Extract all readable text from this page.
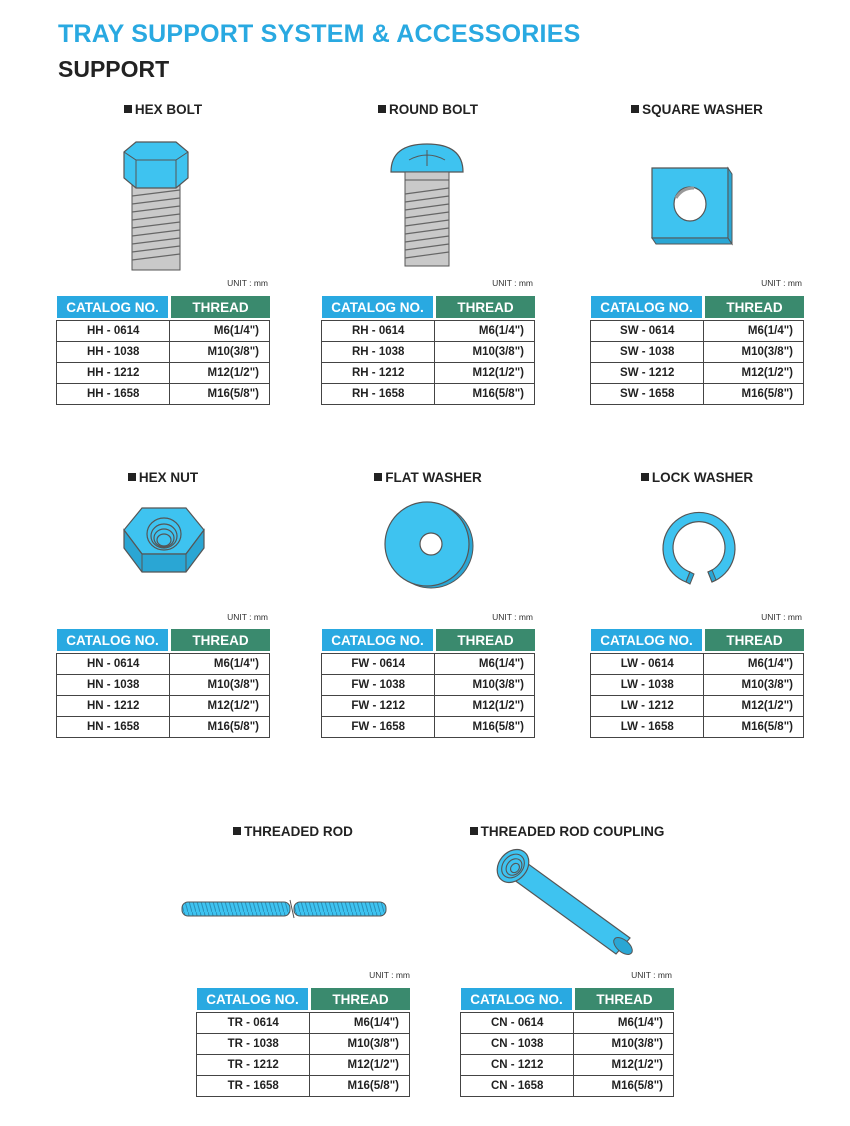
TRAY SUPPORT SYSTEM & ACCESSORIES
SUPPORT
HEX BOLT
UNIT : mm
CATALOG NO.	THREAD

HH - 0614	M6(1/4")
HH - 1038	M10(3/8")
HH - 1212	M12(1/2")
HH - 1658	M16(5/8")
ROUND BOLT
UNIT : mm
CATALOG NO.	THREAD

RH - 0614	M6(1/4")
RH - 1038	M10(3/8")
RH - 1212	M12(1/2")
RH - 1658	M16(5/8")
SQUARE WASHER
UNIT : mm
CATALOG NO.	THREAD

SW - 0614	M6(1/4")
SW - 1038	M10(3/8")
SW - 1212	M12(1/2")
SW - 1658	M16(5/8")
HEX NUT
UNIT : mm
CATALOG NO.	THREAD

HN - 0614	M6(1/4")
HN - 1038	M10(3/8")
HN - 1212	M12(1/2")
HN - 1658	M16(5/8")
FLAT WASHER
UNIT : mm
CATALOG NO.	THREAD

FW - 0614	M6(1/4")
FW - 1038	M10(3/8")
FW - 1212	M12(1/2")
FW - 1658	M16(5/8")
LOCK WASHER
UNIT : mm
CATALOG NO.	THREAD

LW - 0614	M6(1/4")
LW - 1038	M10(3/8")
LW - 1212	M12(1/2")
LW - 1658	M16(5/8")
THREADED ROD
UNIT : mm
CATALOG NO.	THREAD

TR - 0614	M6(1/4")
TR - 1038	M10(3/8")
TR - 1212	M12(1/2")
TR - 1658	M16(5/8")
THREADED ROD COUPLING
UNIT : mm
CATALOG NO.	THREAD

CN - 0614	M6(1/4")
CN - 1038	M10(3/8")
CN - 1212	M12(1/2")
CN - 1658	M16(5/8")
